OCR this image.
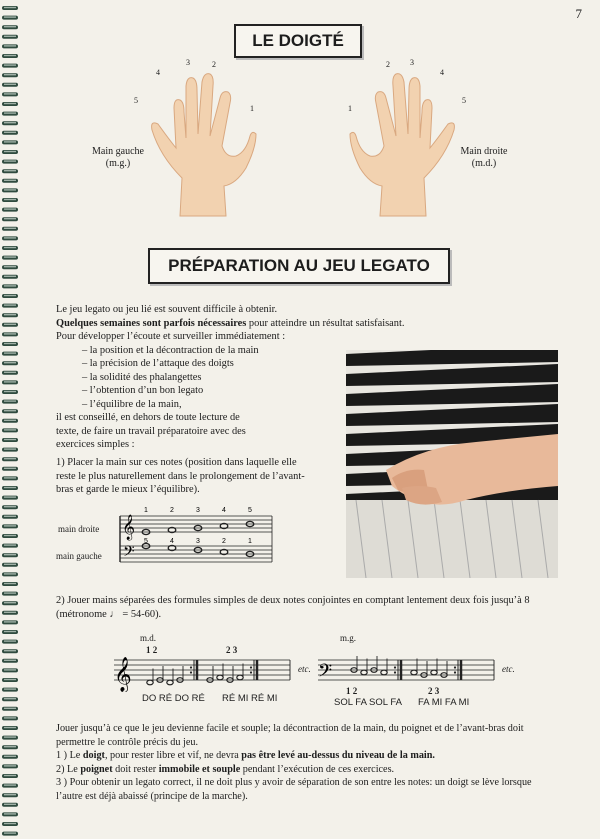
7
LE DOIGTÉ
5
4
3	2
1
Main gauche
(m.g.)
1
2	3
4
5
Main droite
(m.d.)
PRÉPARATION AU JEU LEGATO

Le jeu legato ou jeu lié est souvent difficile à obtenir.

Quelques semaines sont parfois nécessaires pour atteindre un résultat satisfaisant.

Pour développer l’écoute et surveiller immédiatement :

– la position et la décontraction de la main
– la précision de l’attaque des doigts
– la solidité des phalangettes
– l’obtention d’un bon legato
– l’équilibre de la main,

il est conseillé, en dehors de toute lecture de

texte, de faire un travail préparatoire avec des

exercices simples :

1) Placer la main sur ces notes (position dans laquelle elle

reste le plus naturellement dans le prolongement de l’avant-

bras et garde le mieux l’équilibre).

main droite
main gauche
𝄞
𝄢
1
5
2
4
3
3
4
2
5
1

2) Jouer mains séparées des formules simples de deux notes conjointes en comptant lentement deux fois jusqu’à 8

(métronome ♩ = 54-60).

m.d.
1 2	2 3
m.g.
𝄞	etc. 𝄢	etc.
DO RÉ DO RÉ RÉ MI RÉ MI
1 2	2 3
SOL FA SOL FA FA MI FA MI

Jouer jusqu’à ce que le jeu devienne facile et souple; la décontraction de la main, du poignet et de l’avant-bras doit

permettre le contrôle précis du jeu.

1 ) Le doigt, pour rester libre et vif, ne devra pas être levé au-dessus du niveau de la main.

2) Le poignet doit rester immobile et souple pendant l’exécution de ces exercices.

3 ) Pour obtenir un legato correct, il ne doit plus y avoir de séparation de son entre les notes: un doigt se lève lorsque

l’autre est déjà abaissé (principe de la marche).
